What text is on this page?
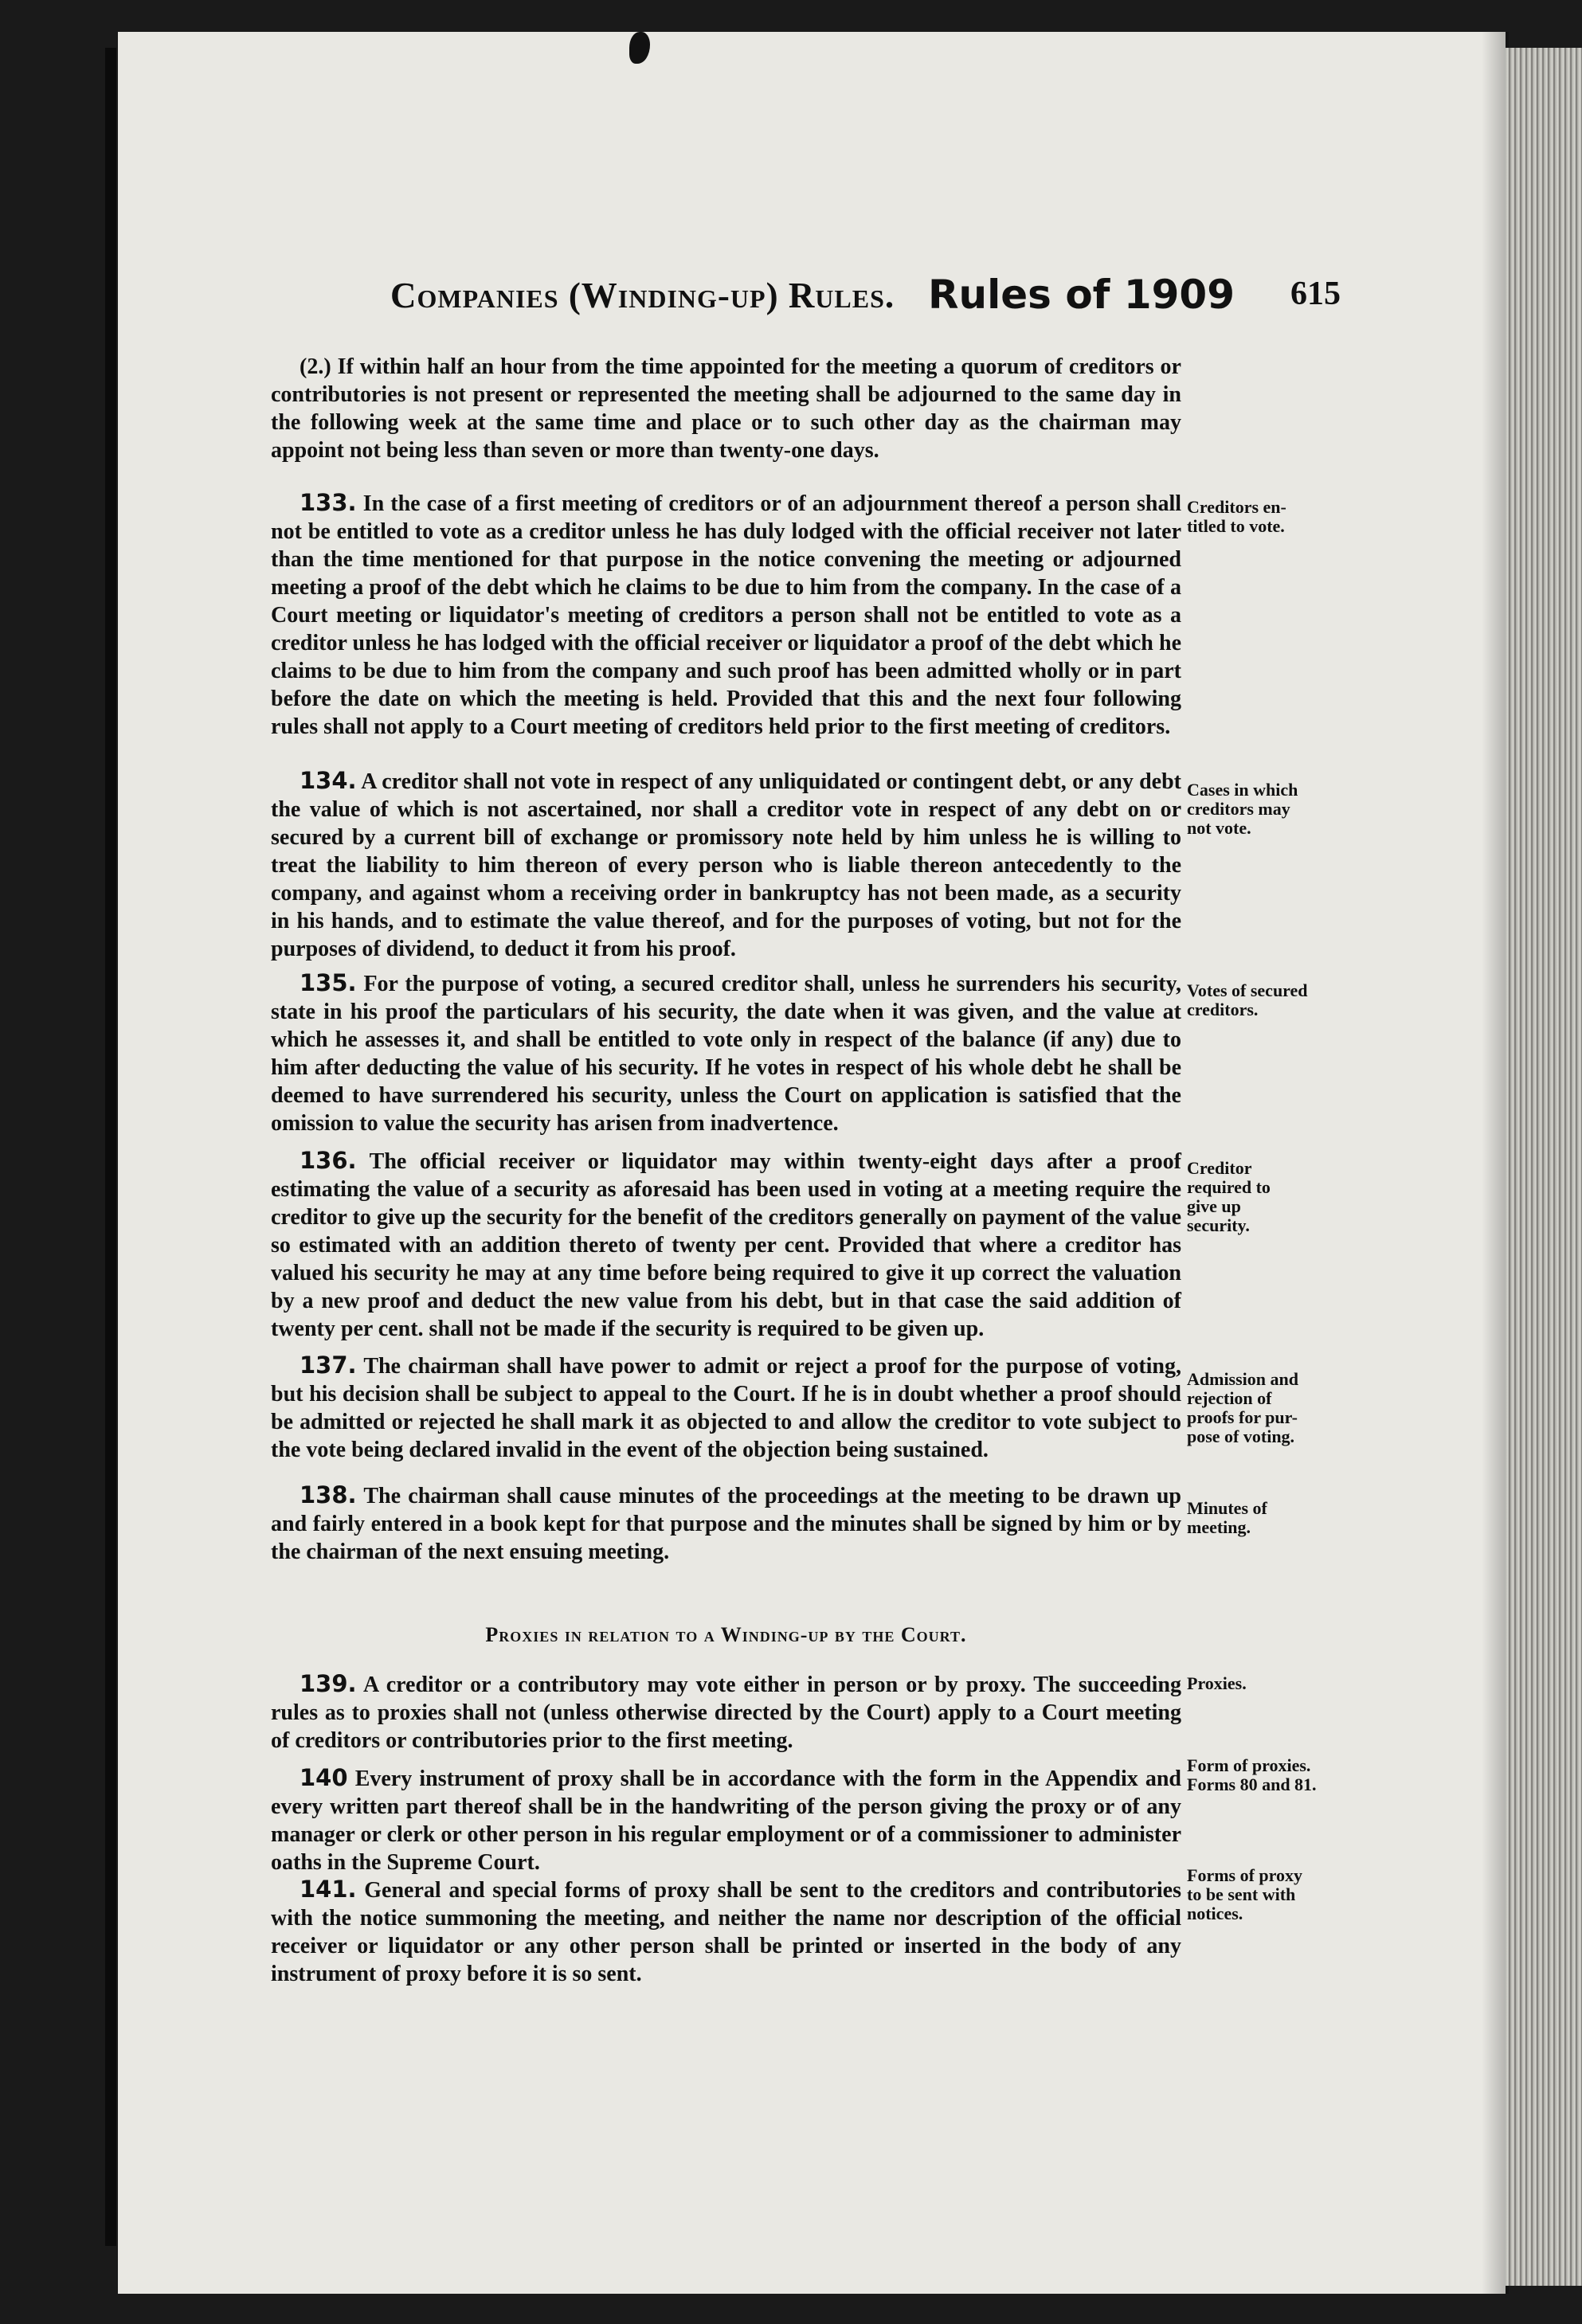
Companies (Winding-up) Rules. Rules of 1909 615

(2.) If within half an hour from the time appointed for the meeting a quorum of creditors or contributories is not present or represented the meeting shall be adjourned to the same day in the following week at the same time and place or to such other day as the chairman may appoint not being less than seven or more than twenty-one days.

133. In the case of a first meeting of creditors or of an adjournment thereof a person shall not be entitled to vote as a creditor unless he has duly lodged with the official receiver not later than the time mentioned for that purpose in the notice convening the meeting or adjourned meeting a proof of the debt which he claims to be due to him from the company. In the case of a Court meeting or liquidator's meeting of creditors a person shall not be entitled to vote as a creditor unless he has lodged with the official receiver or liquidator a proof of the debt which he claims to be due to him from the company and such proof has been admitted wholly or in part before the date on which the meeting is held. Provided that this and the next four following rules shall not apply to a Court meeting of creditors held prior to the first meeting of creditors.

134. A creditor shall not vote in respect of any unliquidated or contingent debt, or any debt the value of which is not ascertained, nor shall a creditor vote in respect of any debt on or secured by a current bill of exchange or promissory note held by him unless he is willing to treat the liability to him thereon of every person who is liable thereon antecedently to the company, and against whom a receiving order in bankruptcy has not been made, as a security in his hands, and to estimate the value thereof, and for the purposes of voting, but not for the purposes of dividend, to deduct it from his proof.

135. For the purpose of voting, a secured creditor shall, unless he surrenders his security, state in his proof the particulars of his security, the date when it was given, and the value at which he assesses it, and shall be entitled to vote only in respect of the balance (if any) due to him after deducting the value of his security. If he votes in respect of his whole debt he shall be deemed to have surrendered his security, unless the Court on application is satisfied that the omission to value the security has arisen from inadvertence.

136. The official receiver or liquidator may within twenty-eight days after a proof estimating the value of a security as aforesaid has been used in voting at a meeting require the creditor to give up the security for the benefit of the creditors generally on payment of the value so estimated with an addition thereto of twenty per cent. Provided that where a creditor has valued his security he may at any time before being required to give it up correct the valuation by a new proof and deduct the new value from his debt, but in that case the said addition of twenty per cent. shall not be made if the security is required to be given up.

137. The chairman shall have power to admit or reject a proof for the purpose of voting, but his decision shall be subject to appeal to the Court. If he is in doubt whether a proof should be admitted or rejected he shall mark it as objected to and allow the creditor to vote subject to the vote being declared invalid in the event of the objection being sustained.

138. The chairman shall cause minutes of the proceedings at the meeting to be drawn up and fairly entered in a book kept for that purpose and the minutes shall be signed by him or by the chairman of the next ensuing meeting.

Proxies in relation to a Winding-up by the Court.

139. A creditor or a contributory may vote either in person or by proxy. The succeeding rules as to proxies shall not (unless otherwise directed by the Court) apply to a Court meeting of creditors or contributories prior to the first meeting.

140 Every instrument of proxy shall be in accordance with the form in the Appendix and every written part thereof shall be in the handwriting of the person giving the proxy or of any manager or clerk or other person in his regular employment or of a commissioner to administer oaths in the Supreme Court.

141. General and special forms of proxy shall be sent to the creditors and contributories with the notice summoning the meeting, and neither the name nor description of the official receiver or liquidator or any other person shall be printed or inserted in the body of any instrument of proxy before it is so sent.

Creditors en-
titled to vote.
Cases in which
creditors may
not vote.
Votes of secured
creditors.
Creditor
required to
give up
security.
Admission and
rejection of
proofs for pur-
pose of voting.
Minutes of
meeting.
Proxies.
Form of proxies.
Forms 80 and 81.
Forms of proxy
to be sent with
notices.
